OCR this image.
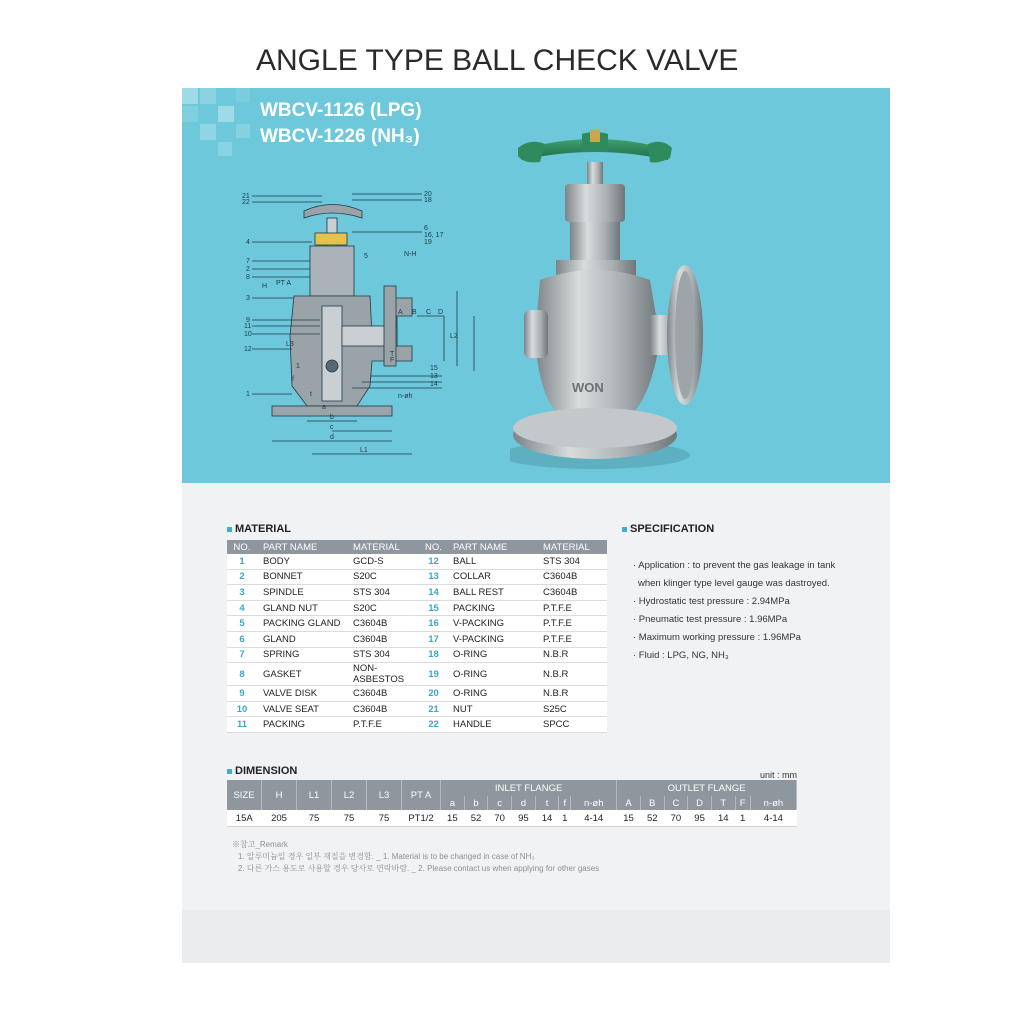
ANGLE TYPE BALL CHECK VALVE
WBCV-1126 (LPG)
WBCV-1226 (NH₃)
21
22
4
7
2
8
H PT A
3
9
11
10
12
L3
1
1
f
20
18
6
16, 17
19
5	N-H
A B C D
L2
15
13
14
n-øh
T
F
a
b
c
d
L1
t	WON
MATERIAL
NO.	PART NAME	MATERIAL	NO.	PART NAME	MATERIAL
1	BODY	GCD-S	12	BALL	STS 304
2	BONNET	S20C	13	COLLAR	C3604B
3	SPINDLE	STS 304	14	BALL REST	C3604B
4	GLAND NUT	S20C	15	PACKING	P.T.F.E
5	PACKING GLAND	C3604B	16	V-PACKING	P.T.F.E
6	GLAND	C3604B	17	V-PACKING	P.T.F.E
7	SPRING	STS 304	18	O-RING	N.B.R
8	GASKET	NON-ASBESTOS	19	O-RING	N.B.R
9	VALVE DISK	C3604B	20	O-RING	N.B.R
10	VALVE SEAT	C3604B	21	NUT	S25C
11	PACKING	P.T.F.E	22	HANDLE	SPCC
SPECIFICATION
· Application : to prevent the gas leakage in tank
when klinger type level gauge was dastroyed.
· Hydrostatic test pressure : 2.94MPa
· Pneumatic test pressure : 1.96MPa
· Maximum working pressure : 1.96MPa
· Fluid : LPG, NG, NH₃
DIMENSION	unit : mm
SIZE	H	L1	L2	L3	PT A	INLET FLANGE							OUTLET FLANGE						
						a	b	c	d	t	f	n-øh	A	B	C	D	T	F	n-øh
15A	205	75	75	75	PT1/2	15	52	70	95	14	1	4-14	15	52	70	95	14	1	4-14
※참고_Remark
1. 알루미늄일 경우 일부 재질을 변경함. _ 1. Material is to be changed in case of NH₃
2. 다른 가스 용도로 사용할 경우 당사로 연락바람. _ 2. Please contact us when applying for other gases
